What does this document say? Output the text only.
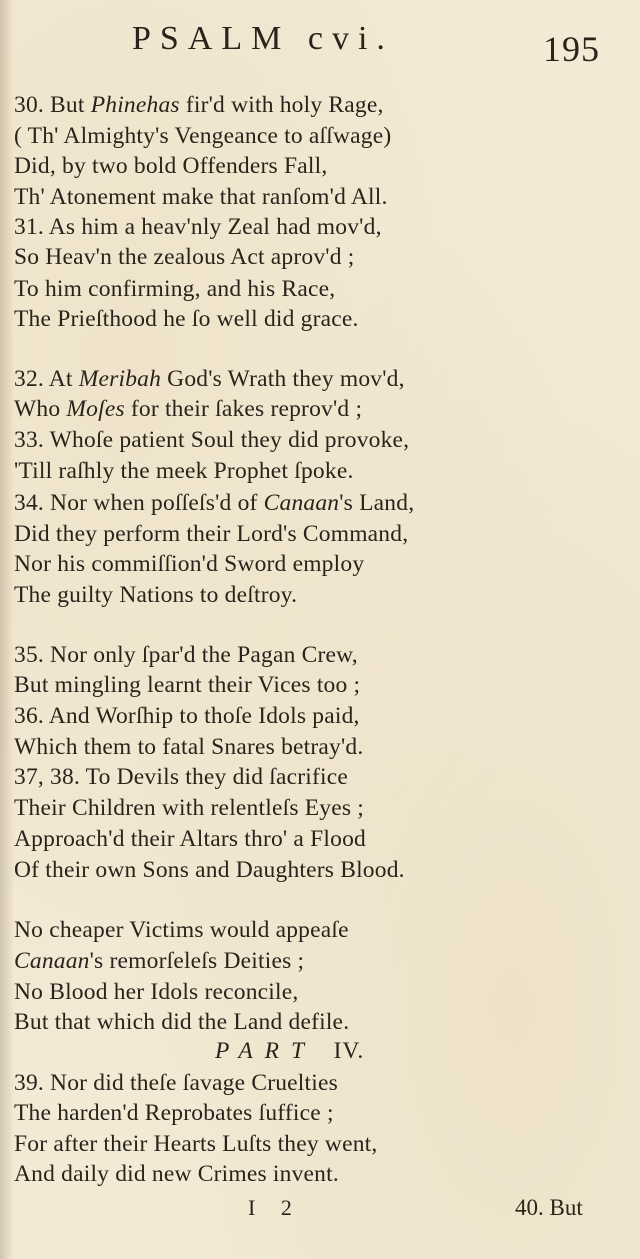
PSALM cvi.	195
30. But Phinehas fir'd with holy Rage,
( Th' Almighty's Vengeance to aſſwage)
Did, by two bold Offenders Fall,
Th' Atonement make that ranſom'd All.
31. As him a heav'nly Zeal had mov'd,
So Heav'n the zealous Act aprov'd ;
To him confirming, and his Race,
The Prieſthood he ſo well did grace.
32. At Meribah God's Wrath they mov'd,
Who Moſes for their ſakes reprov'd ;
33. Whoſe patient Soul they did provoke,
'Till raſhly the meek Prophet ſpoke.
34. Nor when poſſeſs'd of Canaan's Land,
Did they perform their Lord's Command,
Nor his commiſſion'd Sword employ
The guilty Nations to deſtroy.
35. Nor only ſpar'd the Pagan Crew,
But mingling learnt their Vices too ;
36. And Worſhip to thoſe Idols paid,
Which them to fatal Snares betray'd.
37, 38. To Devils they did ſacrifice
Their Children with relentleſs Eyes ;
Approach'd their Altars thro' a Flood
Of their own Sons and Daughters Blood.
No cheaper Victims would appeaſe
Canaan's remorſeleſs Deities ;
No Blood her Idols reconcile,
But that which did the Land defile.
39. Nor did theſe ſavage Cruelties
The harden'd Reprobates ſuffice ;
For after their Hearts Luſts they went,
And daily did new Crimes invent.
PART IV.
I 2	40. But
